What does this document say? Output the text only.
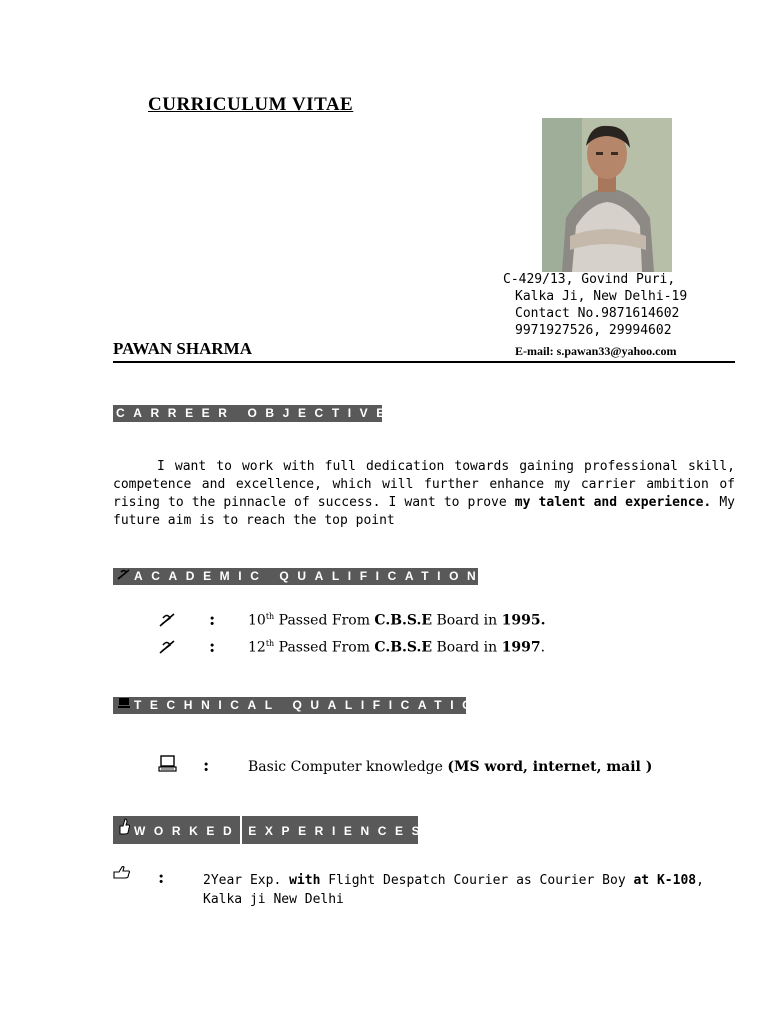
CURRICULUM VITAE
C-429/13, Govind Puri,
Kalka Ji, New Delhi-19
Contact No.9871614602
9971927526, 29994602
PAWAN SHARMA	E-mail: s.pawan33@yahoo.com
CARREER OBJECTIVE:
I want to work with full dedication towards gaining professional skill, competence and excellence, which will further enhance my carrier ambition of rising to the pinnacle of success. I want to prove my talent and experience. My future aim is to reach the top point
ACADEMIC QUALIFICATION:
: 10th Passed From C.B.S.E Board in 1995.
: 12th Passed From C.B.S.E Board in 1997.
TECHNICAL QUALIFICATION
:	Basic Computer knowledge (MS word, internet, mail )
WORKED EXPERIENCES
:	2Year Exp. with Flight Despatch Courier as Courier Boy at K-108,
Kalka ji New Delhi
